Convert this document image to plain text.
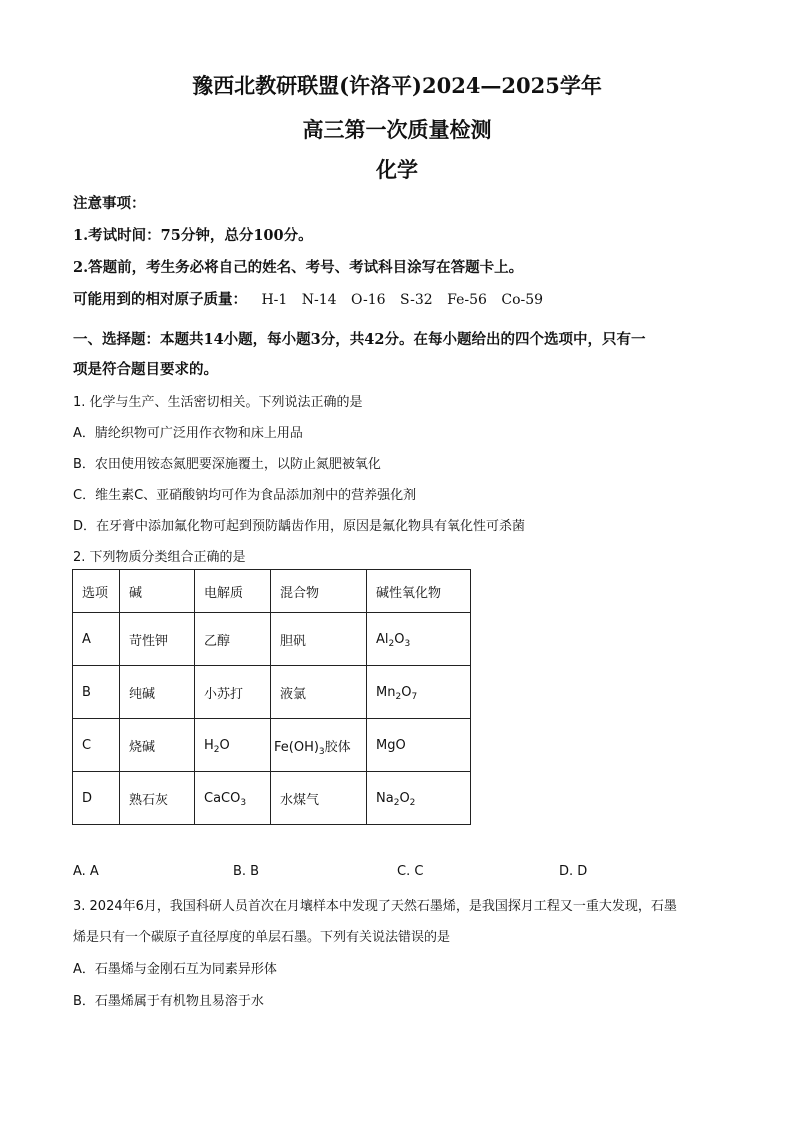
豫西北教研联盟(许洛平)2024—2025学年
高三第一次质量检测
化学
注意事项：
1.考试时间：75分钟，总分100分。
2.答题前，考生务必将自己的姓名、考号、考试科目涂写在答题卡上。
可能用到的相对原子质量： H-1 N-14 O-16 S-32 Fe-56 Co-59
一、选择题：本题共14小题，每小题3分，共42分。在每小题给出的四个选项中，只有一
项是符合题目要求的。
1. 化学与生产、生活密切相关。下列说法正确的是
A．腈纶织物可广泛用作衣物和床上用品
B．农田使用铵态氮肥要深施覆土，以防止氮肥被氧化
C．维生素C、亚硝酸钠均可作为食品添加剂中的营养强化剂
D．在牙膏中添加氟化物可起到预防龋齿作用，原因是氟化物具有氧化性可杀菌
2. 下列物质分类组合正确的是
选项	碱	电解质	混合物	碱性氧化物
A	苛性钾	乙醇	胆矾	$Al_2O_3$
B	纯碱	小苏打	液氯	$Mn_2O_7$
C	烧碱	$H_2O$	$Fe(OH)_3$胶体	MgO
D	熟石灰	CaCO$_3$	水煤气	$Na_2O_2$
A. A	B. B	C. C	D. D
3. 2024年6月，我国科研人员首次在月壤样本中发现了天然石墨烯，是我国探月工程又一重大发现，石墨
烯是只有一个碳原子直径厚度的单层石墨。下列有关说法错误的是
A．石墨烯与金刚石互为同素异形体
B．石墨烯属于有机物且易溶于水
